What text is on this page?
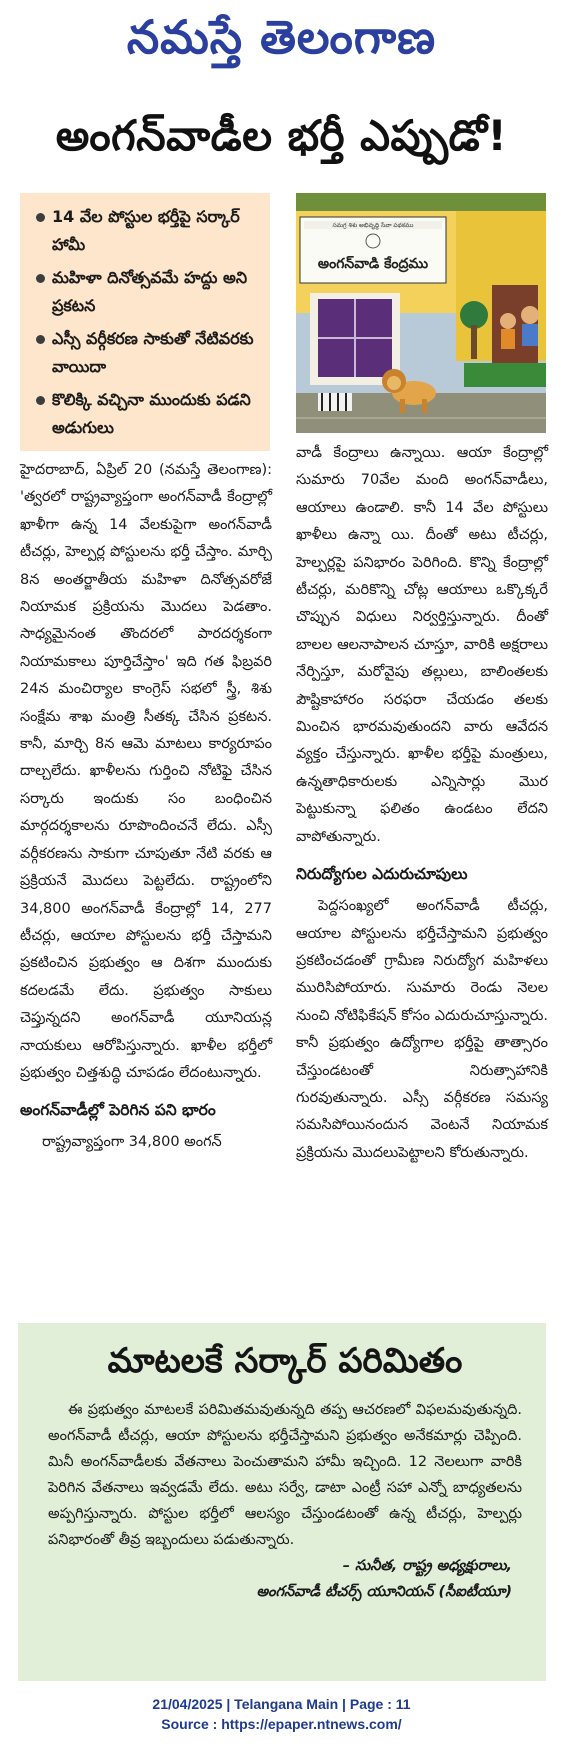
నమస్తే తెలంగాణ
అంగన్‌వాడీల భర్తీ ఎప్పుడో!
14 వేల పోస్టుల భర్తీపై సర్కార్ హామీ
మహిళా దినోత్సవమే హద్దు అని ప్రకటన
ఎస్సీ వర్గీకరణ సాకుతో నేటివరకు వాయిదా
కొలిక్కి వచ్చినా ముందుకు పడని అడుగులు
సమగ్ర శిశు అభివృద్ధి సేవా పథకము
అంగన్‌వాడి కేంద్రము

హైదరాబాద్, ఏప్రిల్ 20 (నమస్తే తెలంగాణ): 'త్వరలో రాష్ట్రవ్యాప్తంగా అంగన్‌వాడీ కేంద్రాల్లో ఖాళీగా ఉన్న 14 వేలకుపైగా అంగన్‌వాడీ టీచర్లు, హెల్పర్ల పోస్టులను భర్తీ చేస్తాం. మార్చి 8న అంతర్జాతీయ మహిళా దినోత్సవరోజే నియామక ప్రక్రియను మొదలు పెడతాం. సాధ్యమైనంత తొందరలో పారదర్శకంగా నియామకాలు పూర్తిచేస్తాం' ఇది గత ఫిబ్రవరి 24న మంచిర్యాల కాంగ్రెస్ సభలో స్త్రీ, శిశు సంక్షేమ శాఖ మంత్రి సీతక్క చేసిన ప్రకటన. కానీ, మార్చి 8న ఆమె మాటలు కార్యరూపం దాల్చలేదు. ఖాళీలను గుర్తించి నోటిఫై చేసిన సర్కారు ఇందుకు సం బంధించిన మార్గదర్శకాలను రూపొందించనే లేదు. ఎస్సీ వర్గీకరణను సాకుగా చూపుతూ నేటి వరకు ఆ ప్రక్రియనే మొదలు పెట్టలేదు. రాష్ట్రంలోని 34,800 అంగన్‌వాడీ కేంద్రాల్లో 14, 277 టీచర్లు, ఆయాల పోస్టులను భర్తీ చేస్తామని ప్రకటించిన ప్రభుత్వం ఆ దిశగా ముందుకు కదలడమే లేదు. ప్రభుత్వం సాకులు చెప్తున్నదని అంగన్‌వాడీ యూనియన్ల నాయకులు ఆరోపిస్తున్నారు. ఖాళీల భర్తీలో ప్రభుత్వం చిత్తశుద్ధి చూపడం లేదంటున్నారు.

అంగన్‌వాడీల్లో పెరిగిన పని భారం

రాష్ట్రవ్యాప్తంగా 34,800 అంగన్

వాడీ కేంద్రాలు ఉన్నాయి. ఆయా కేంద్రాల్లో సుమారు 70వేల మంది అంగన్‌వాడీలు, ఆయాలు ఉండాలి. కానీ 14 వేల పోస్టులు ఖాళీలు ఉన్నా యి. దీంతో అటు టీచర్లు, హెల్పర్లపై పనిభారం పెరిగింది. కొన్ని కేంద్రాల్లో టీచర్లు, మరికొన్ని చోట్ల ఆయాలు ఒక్కొక్కరే చొప్పున విధులు నిర్వర్తిస్తున్నారు. దీంతో బాలల ఆలనాపాలన చూస్తూ, వారికి అక్షరాలు నేర్పిస్తూ, మరోవైపు తల్లులు, బాలింతలకు పౌష్టికాహారం సరఫరా చేయడం తలకు మించిన భారమవుతుందని వారు ఆవేదన వ్యక్తం చేస్తున్నారు. ఖాళీల భర్తీపై మంత్రులు, ఉన్నతాధికారులకు ఎన్నిసార్లు మొర పెట్టుకున్నా ఫలితం ఉండటం లేదని వాపోతున్నారు.

నిరుద్యోగుల ఎదురుచూపులు

పెద్దసంఖ్యలో అంగన్‌వాడీ టీచర్లు, ఆయాల పోస్టులను భర్తీచేస్తామని ప్రభుత్వం ప్రకటించడంతో గ్రామీణ నిరుద్యోగ మహిళలు మురిసిపోయారు. సుమారు రెండు నెలల నుంచి నోటిఫికేషన్ కోసం ఎదురుచూస్తున్నారు. కానీ ప్రభుత్వం ఉద్యోగాల భర్తీపై తాత్సారం చేస్తుండటంతో నిరుత్సాహానికి గురవుతున్నారు. ఎస్సీ వర్గీకరణ సమస్య సమసిపోయినందున వెంటనే నియామక ప్రక్రియను మొదలుపెట్టాలని కోరుతున్నారు.

మాటలకే సర్కార్ పరిమితం
ఈ ప్రభుత్వం మాటలకే పరిమితమవుతున్నది తప్ప ఆచరణలో విఫలమవుతున్నది. అంగన్‌వాడీ టీచర్లు, ఆయా పోస్టులను భర్తీచేస్తామని ప్రభుత్వం అనేకమార్లు చెప్పింది. మినీ అంగన్‌వాడీలకు వేతనాలు పెంచుతామని హామీ ఇచ్చింది. 12 నెలలుగా వారికి పెరిగిన వేతనాలు ఇవ్వడమే లేదు. అటు సర్వే, డాటా ఎంట్రీ సహా ఎన్నో బాధ్యతలను అప్పగిస్తున్నారు. పోస్టుల భర్తీలో ఆలస్యం చేస్తుండటంతో ఉన్న టీచర్లు, హెల్పర్లు పనిభారంతో తీవ్ర ఇబ్బందులు పడుతున్నారు.
– సునీత, రాష్ట్ర అధ్యక్షురాలు,
అంగన్‌వాడీ టీచర్స్ యూనియన్ (సీఐటీయూ)
21/04/2025 | Telangana Main | Page : 11
Source : https://epaper.ntnews.com/
